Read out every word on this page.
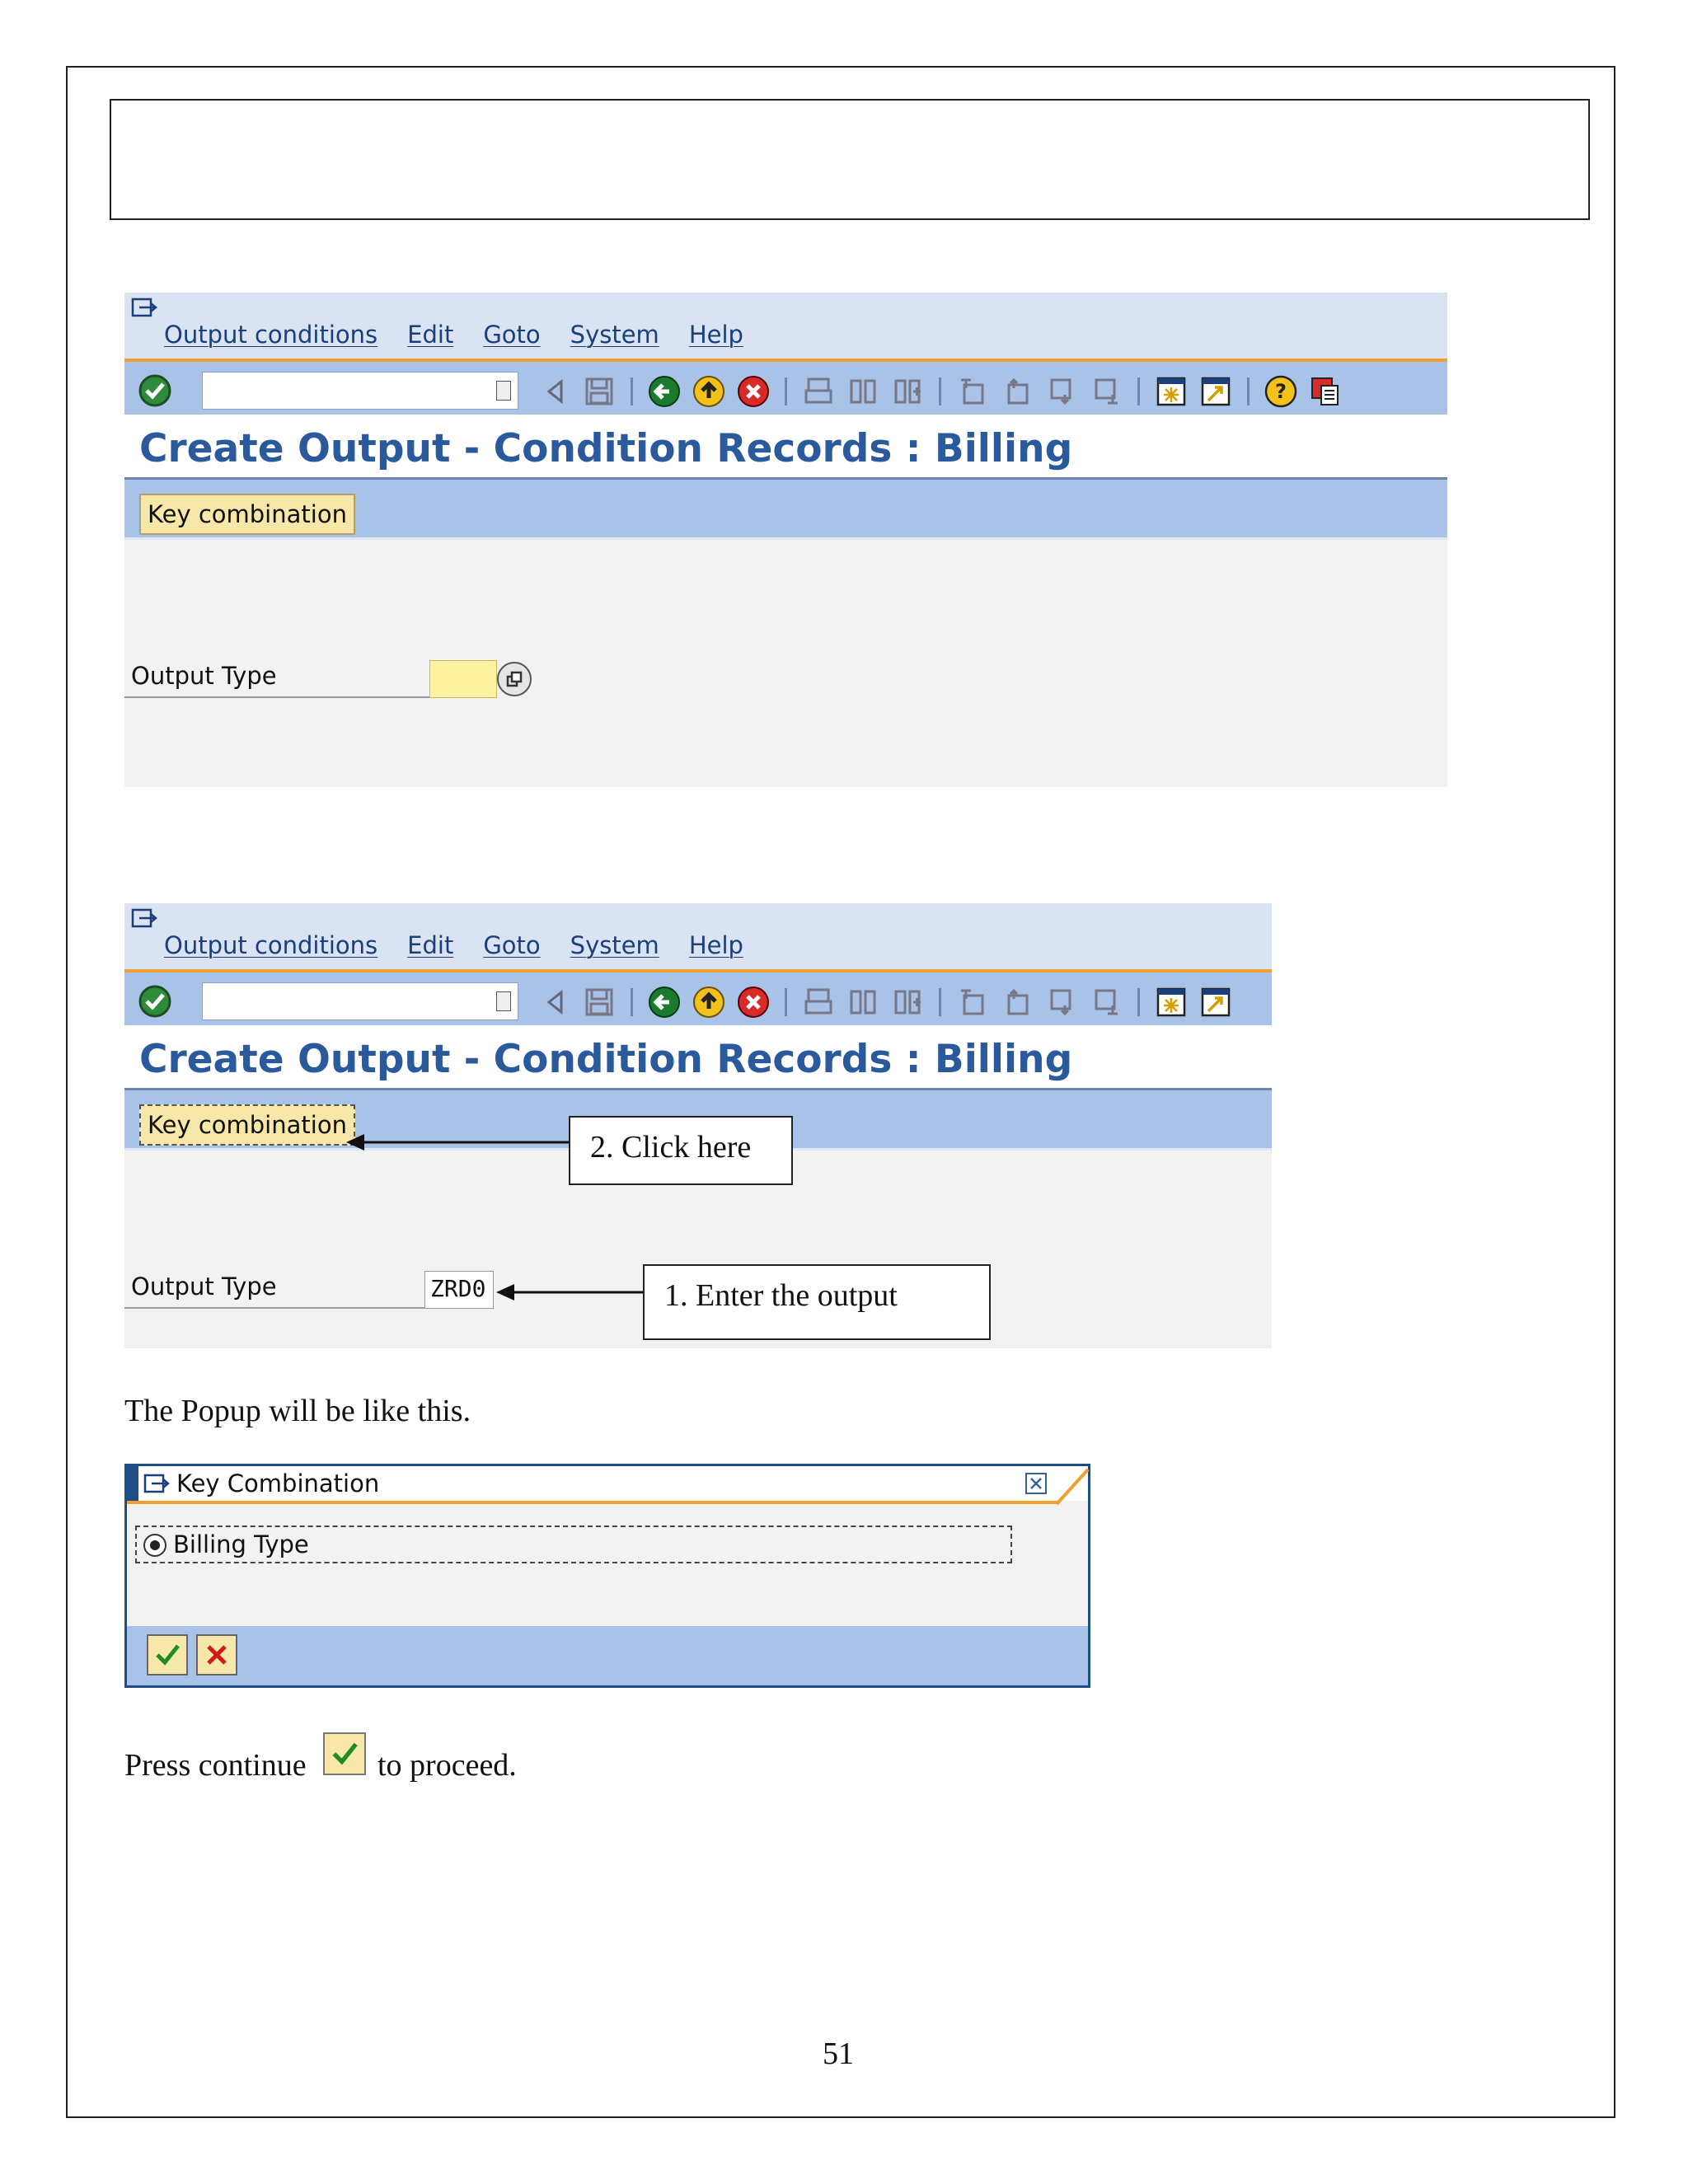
Output conditions Edit Goto System Help
?
Create Output - Condition Records : Billing
Key combination
Output Type
Output conditions Edit Goto System Help
Create Output - Condition Records : Billing
Key combination
Output Type	ZRD0
2. Click here
1. Enter the output
The Popup will be like this.
Key Combination
Billing Type
Press continue to proceed.
51
